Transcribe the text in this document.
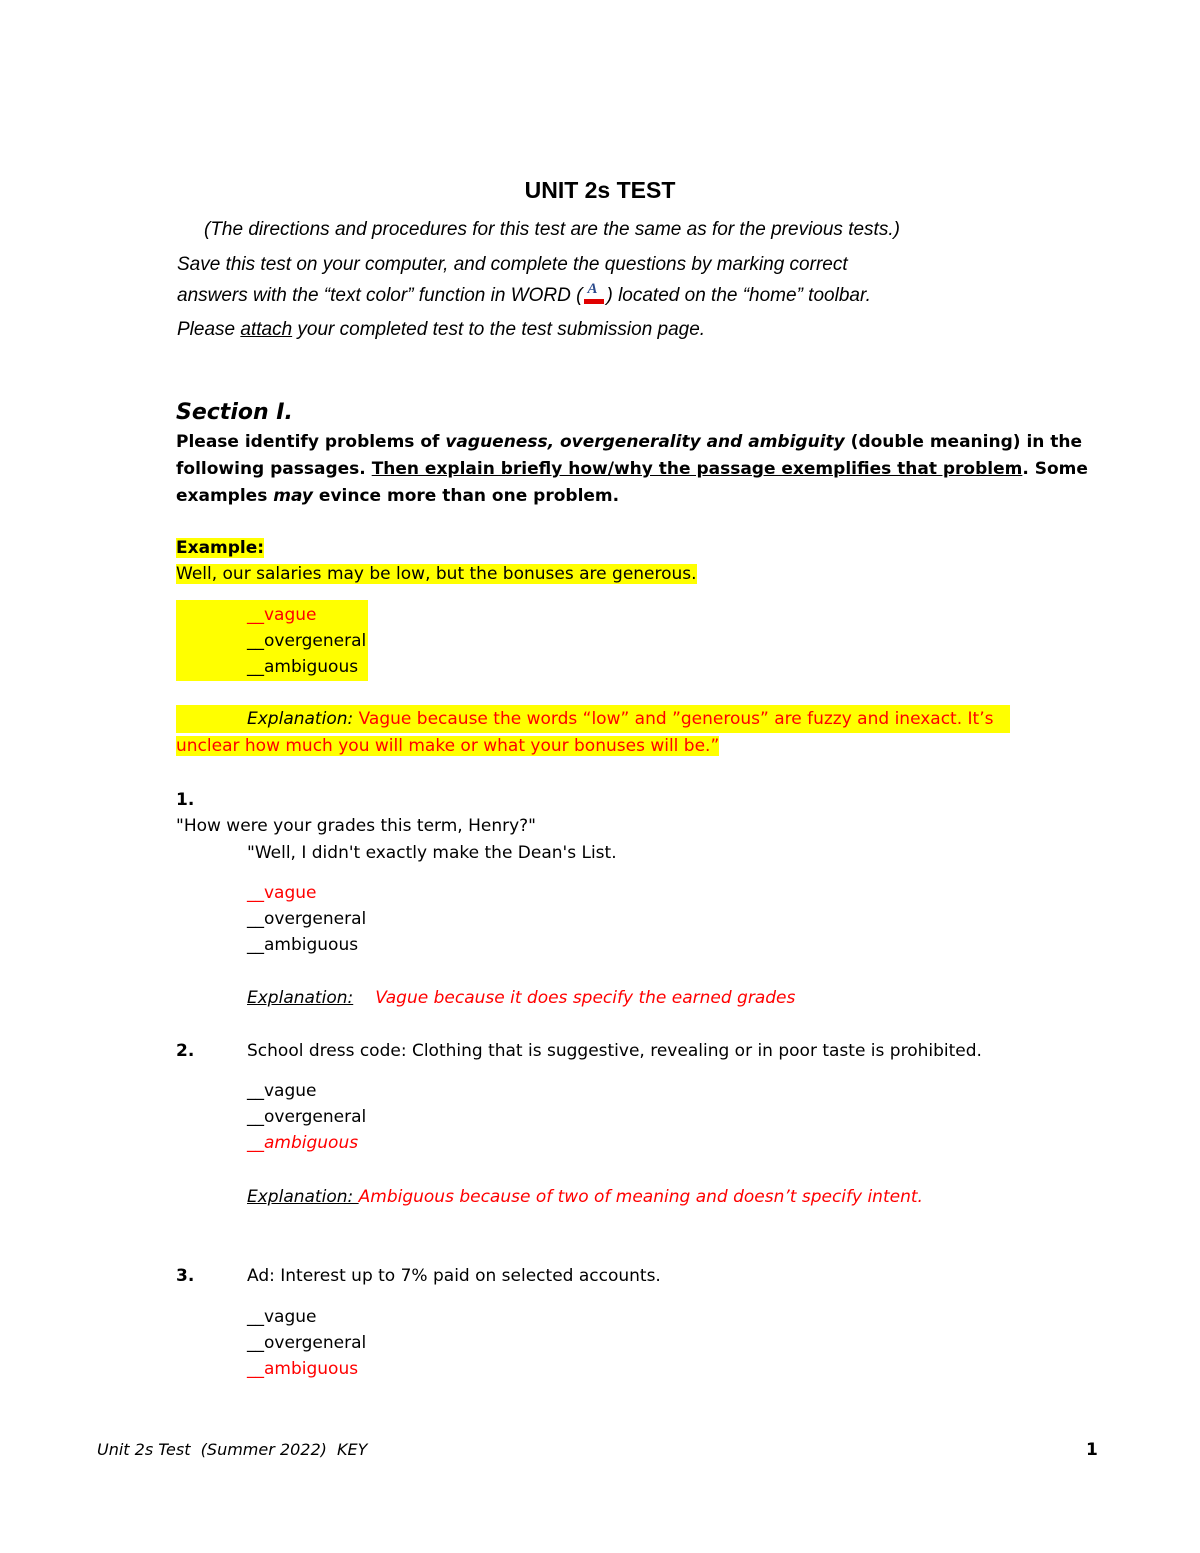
UNIT 2s TEST
(The directions and procedures for this test are the same as for the previous tests.)
Save this test on your computer, and complete the questions by marking correct
answers with the “text color” function in WORD ( A ) located on the “home” toolbar.
Please attach your completed test to the test submission page.
Section I.
Please identify problems of vagueness, overgenerality and ambiguity (double meaning) in the
following passages. Then explain briefly how/why the passage exemplifies that problem. Some
examples may evince more than one problem.
Example:
Well, our salaries may be low, but the bonuses are generous.
__vague
__overgeneral
__ambiguous
Explanation: Vague because the words “low” and ”generous” are fuzzy and inexact. It’s
unclear how much you will make or what your bonuses will be.”
1.
"How were your grades this term, Henry?"
"Well, I didn't exactly make the Dean's List.
__vague
__overgeneral
__ambiguous
Explanation: Vague because it does specify the earned grades
2.	School dress code: Clothing that is suggestive, revealing or in poor taste is prohibited.
__vague
__overgeneral
__ambiguous
Explanation: Ambiguous because of two of meaning and doesn’t specify intent.
3.	Ad: Interest up to 7% paid on selected accounts.
__vague
__overgeneral
__ambiguous
Unit 2s Test  (Summer 2022)  KEY	1
